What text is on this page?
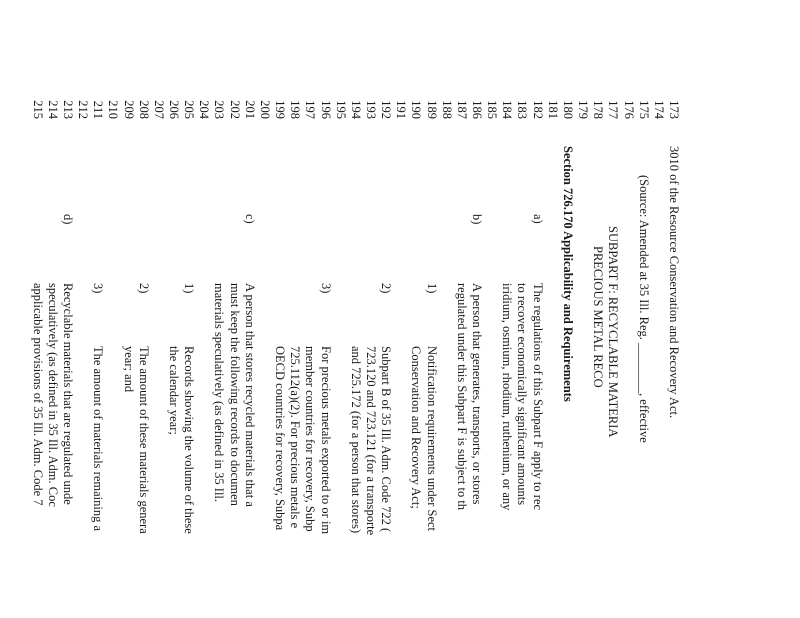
173
174
175
176
177
178
179
180
181
182
183
184
185
186
187
188
189
190
191
192
193
194
195
196
197
198
199
200
201
202
203
204
205
206
207
208
209
210
211
212
213
214
215
3010 of the Resource Conservation and Recovery Act.
(Source: Amended at 35 Ill. Reg. ________, effective
SUBPART F: RECYCLABLE MATERIA
PRECIOUS METAL RECO
Section 726.170 Applicability and Requirements
a)
The regulations of this Subpart F apply to rec
to recover economically significant amounts
iridium, osmium, rhodium, ruthenium, or any
b)
A person that generates, transports, or stores
regulated under this Subpart F is subject to th
1)
Notification requirements under Sect
Conservation and Recovery Act;
2)
Subpart B of 35 Ill. Adm. Code 722 (
723.120 and 723.121 (for a transporte
and 725.172 (for a person that stores)
3)
For precious metals exported to or im
member countries for recovery, Subp
725.112(a)(2). For precious metals e
OECD countries for recovery, Subpa
c)
A person that stores recycled materials that a
must keep the following records to documen
materials speculatively (as defined in 35 Ill.
1)
Records showing the volume of these
the calendar year;
2)
The amount of these materials genera
year; and
3)
The amount of materials remaining a
d)
Recyclable materials that are regulated unde
speculatively (as defined in 35 Ill. Adm. Coc
applicable provisions of 35 Ill. Adm. Code 7
